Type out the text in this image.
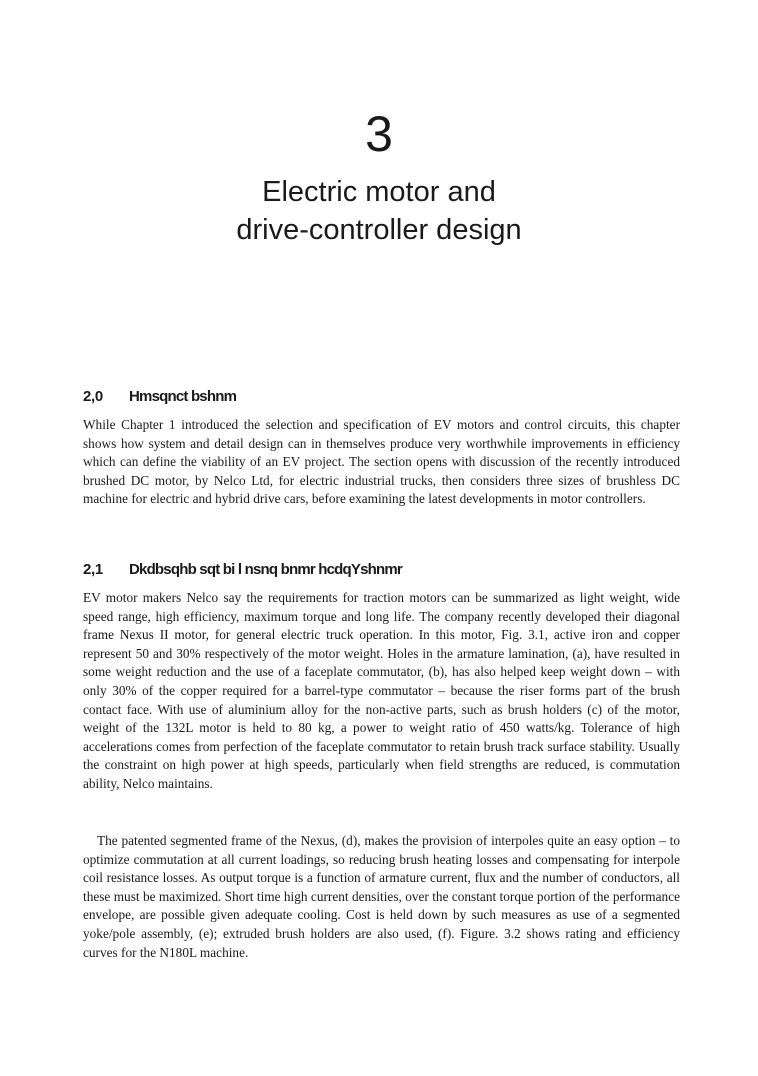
3
Electric motor and
drive-controller design
2,0 Hmsqnct bshnm

While Chapter 1 introduced the selection and specification of EV motors and control circuits, this chapter shows how system and detail design can in themselves produce very worthwhile improvements in efficiency which can define the viability of an EV project. The section opens with discussion of the recently introduced brushed DC motor, by Nelco Ltd, for electric industrial trucks, then considers three sizes of brushless DC machine for electric and hybrid drive cars, before examining the latest developments in motor controllers.

2,1 Dkdbsqhb sqt bi l nsnq bnmr hcdqYshnmr

EV motor makers Nelco say the requirements for traction motors can be summarized as light weight, wide speed range, high efficiency, maximum torque and long life. The company recently developed their diagonal frame Nexus II motor, for general electric truck operation. In this motor, Fig. 3.1, active iron and copper represent 50 and 30% respectively of the motor weight. Holes in the armature lamination, (a), have resulted in some weight reduction and the use of a faceplate commutator, (b), has also helped keep weight down – with only 30% of the copper required for a barrel-type commutator – because the riser forms part of the brush contact face. With use of aluminium alloy for the non-active parts, such as brush holders (c) of the motor, weight of the 132L motor is held to 80 kg, a power to weight ratio of 450 watts/kg. Tolerance of high accelerations comes from perfection of the faceplate commutator to retain brush track surface stability. Usually the constraint on high power at high speeds, particularly when field strengths are reduced, is commutation ability, Nelco maintains.

The patented segmented frame of the Nexus, (d), makes the provision of interpoles quite an easy option – to optimize commutation at all current loadings, so reducing brush heating losses and compensating for interpole coil resistance losses. As output torque is a function of armature current, flux and the number of conductors, all these must be maximized. Short time high current densities, over the constant torque portion of the performance envelope, are possible given adequate cooling. Cost is held down by such measures as use of a segmented yoke/pole assembly, (e); extruded brush holders are also used, (f). Figure. 3.2 shows rating and efficiency curves for the N180L machine.
